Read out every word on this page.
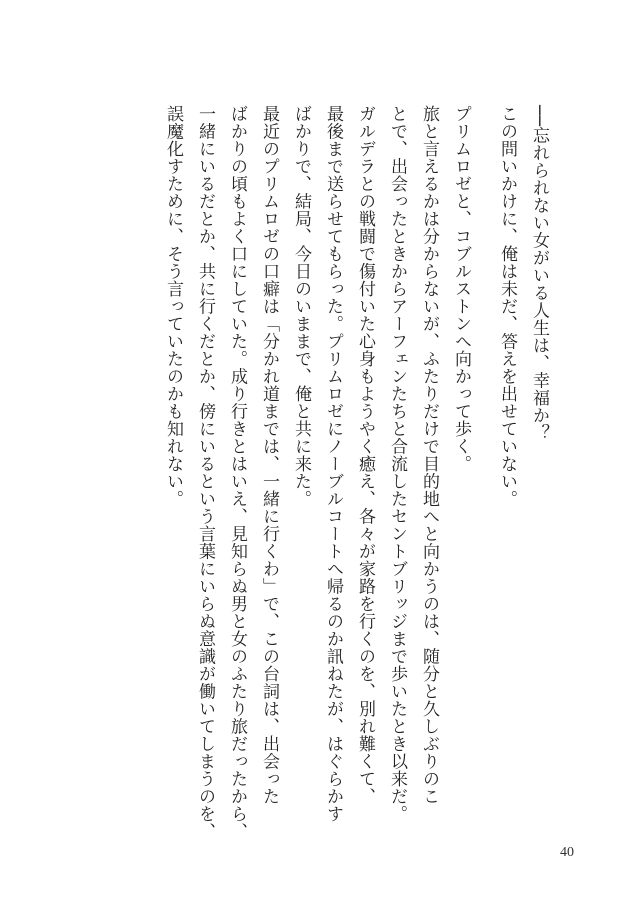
──忘れられない女がいる人生は、幸福か？
この問いかけに、俺は未だ、答えを出せていない。
プリムロゼと、コブルストンへ向かって歩く。
旅と言えるかは分からないが、ふたりだけで目的地へと向かうのは、随分と久しぶりのこ
とで、出会ったときからアーフェンたちと合流したセントブリッジまで歩いたとき以来だ。
ガルデラとの戦闘で傷付いた心身もようやく癒え、各々が家路を行くのを、別れ難くて、
最後まで送らせてもらった。プリムロゼにノーブルコートへ帰るのか訊ねたが、はぐらかす
ばかりで、結局、今日のいままで、俺と共に来た。
最近のプリムロゼの口癖は「分かれ道までは、一緒に行くわ」で、この台詞は、出会った
ばかりの頃もよく口にしていた。成り行きとはいえ、見知らぬ男と女のふたり旅だったから、
一緒にいるだとか、共に行くだとか、傍にいるという言葉にいらぬ意識が働いてしまうのを、
誤魔化すために、そう言っていたのかも知れない。
40
